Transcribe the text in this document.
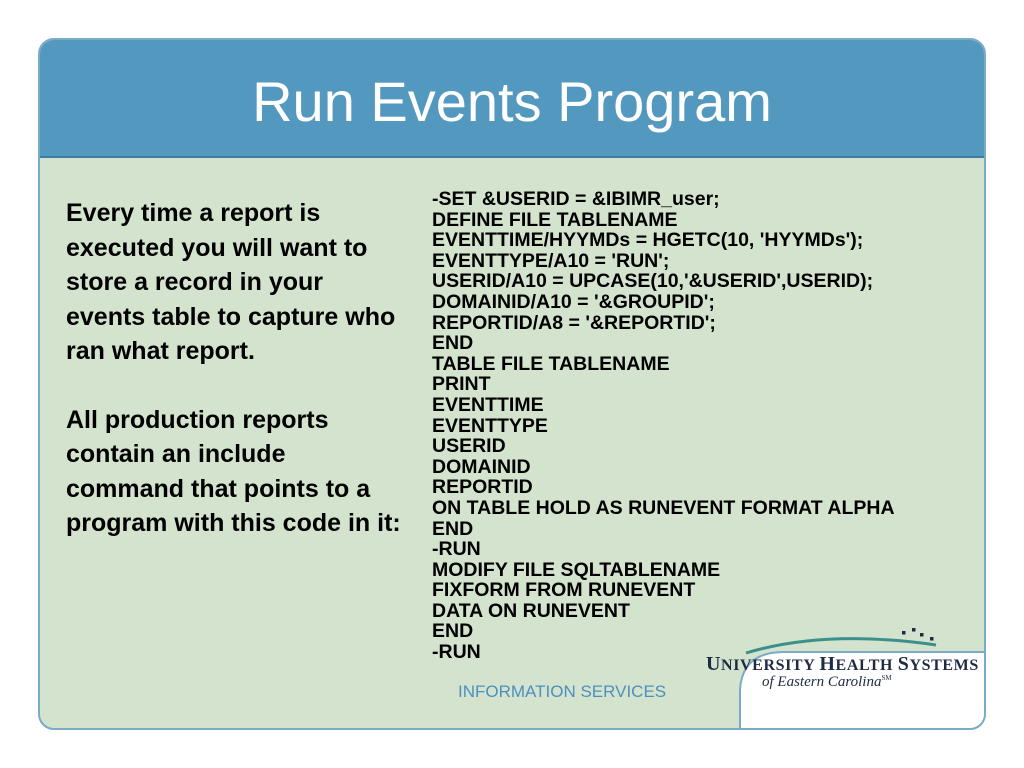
Run Events Program

Every time a report is executed you will want to store a record in your events table to capture who ran what report.

All production reports contain an include command that points to a program with this code in it:

-SET &USERID = &IBIMR_user;
DEFINE FILE TABLENAME
EVENTTIME/HYYMDs = HGETC(10, 'HYYMDs');
EVENTTYPE/A10 = 'RUN';
USERID/A10 = UPCASE(10,'&USERID',USERID);
DOMAINID/A10 = '&GROUPID';
REPORTID/A8 = '&REPORTID';
END
TABLE FILE TABLENAME
PRINT
EVENTTIME
EVENTTYPE
USERID
DOMAINID
REPORTID
ON TABLE HOLD AS RUNEVENT FORMAT ALPHA
END
-RUN
MODIFY FILE SQLTABLENAME
FIXFORM FROM RUNEVENT
DATA ON RUNEVENT
END
-RUN
INFORMATION SERVICES
UNIVERSITY HEALTH SYSTEMS
of Eastern Carolina℠
